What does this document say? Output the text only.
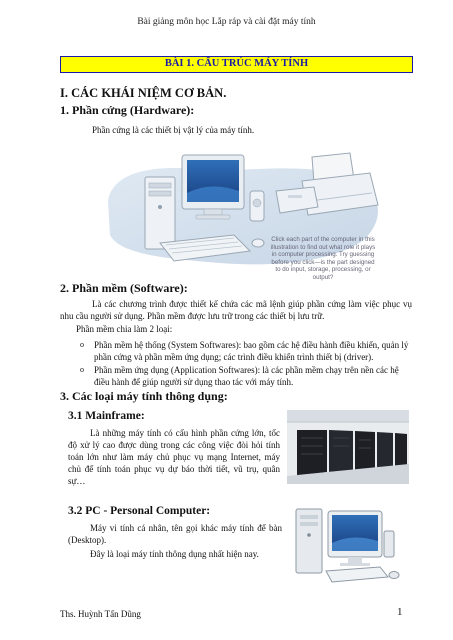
Bài giảng môn học Lắp ráp và cài đặt máy tính
BÀI 1. CẤU TRÚC MÁY TÍNH
I. CÁC KHÁI NIỆM CƠ BẢN.
1. Phần cứng (Hardware):
Phần cứng là các thiết bị vật lý của máy tính.
Click each part of the computer in this illustration to find out what role it plays in computer processing. Try guessing before you click—is the part designed to do input, storage, processing, or output?
2. Phần mềm (Software):
Là các chương trình được thiết kế chứa các mã lệnh giúp phần cứng làm việc phục vụ nhu cầu người sử dụng. Phần mềm được lưu trữ trong các thiết bị lưu trữ.
Phần mềm chia làm 2 loại:
o Phần mềm hệ thống (System Softwares): bao gồm các hệ điều hành điều khiển, quản lý phần cứng và phần mềm ứng dụng; các trình điều khiển trình thiết bị (driver).
o Phần mềm ứng dụng (Application Softwares): là các phần mềm chạy trên nền các hệ điều hành để giúp người sử dụng thao tác với máy tính.
3. Các loại máy tính thông dụng:
3.1 Mainframe:
Là những máy tính có cấu hình phần cứng lớn, tốc độ xử lý cao được dùng trong các công việc đòi hỏi tính toán lớn như làm máy chủ phục vụ mạng Internet, máy chủ để tính toán phục vụ dự báo thời tiết, vũ trụ, quân sự…
3.2 PC - Personal Computer:
Máy vi tính cá nhân, tên gọi khác máy tính để bàn (Desktop).
Đây là loại máy tính thông dụng nhất hiện nay.
Ths. Huỳnh Tấn Dũng	1
